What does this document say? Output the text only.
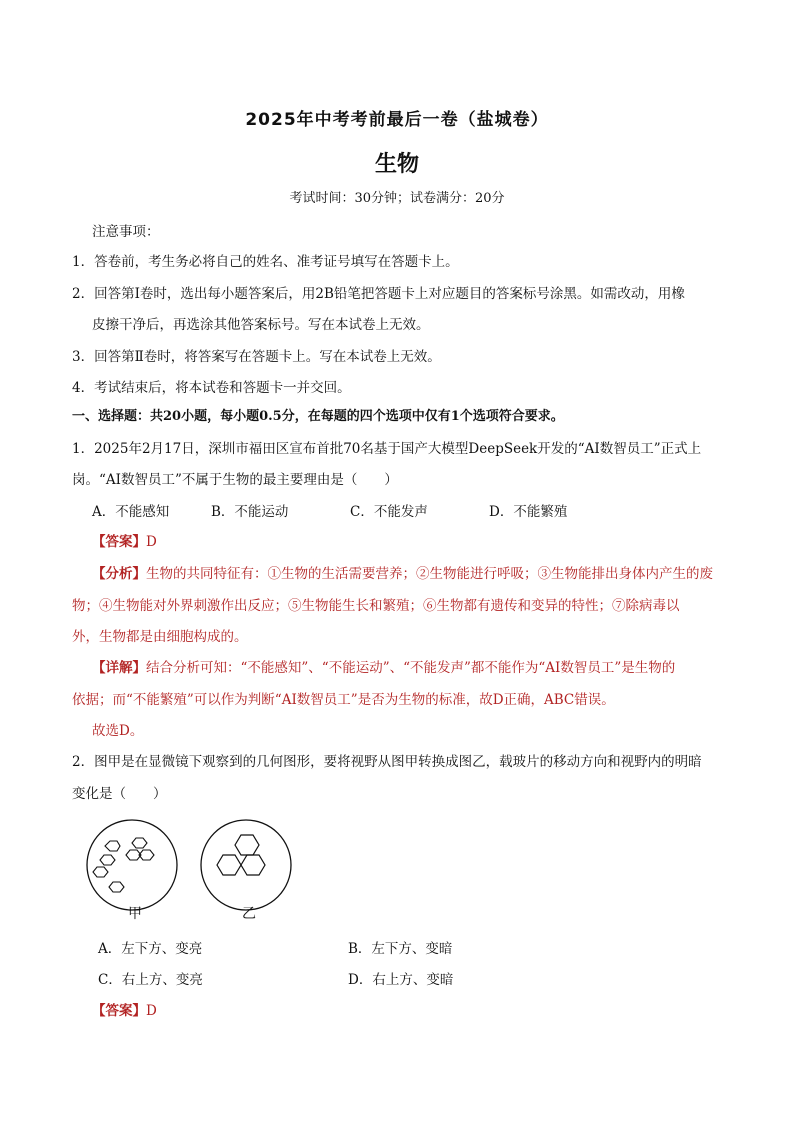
2025年中考考前最后一卷（盐城卷）
生物
考试时间：30分钟；试卷满分：20分
注意事项：
1．答卷前，考生务必将自己的姓名、准考证号填写在答题卡上。
2．回答第Ⅰ卷时，选出每小题答案后，用2B铅笔把答题卡上对应题目的答案标号涂黑。如需改动，用橡
皮擦干净后，再选涂其他答案标号。写在本试卷上无效。
3．回答第Ⅱ卷时，将答案写在答题卡上。写在本试卷上无效。
4．考试结束后，将本试卷和答题卡一并交回。
一、选择题：共20小题，每小题0.5分，在每题的四个选项中仅有1个选项符合要求。
1．2025年2月17日，深圳市福田区宣布首批70名基于国产大模型DeepSeek开发的“AI数智员工”正式上
岗。“AI数智员工”不属于生物的最主要理由是（　　）
A．不能感知	B．不能运动	C．不能发声	D．不能繁殖
【答案】D
【分析】生物的共同特征有：①生物的生活需要营养；②生物能进行呼吸；③生物能排出身体内产生的废
物；④生物能对外界刺激作出反应；⑤生物能生长和繁殖；⑥生物都有遗传和变异的特性；⑦除病毒以
外，生物都是由细胞构成的。
【详解】结合分析可知：“不能感知”、“不能运动”、“不能发声”都不能作为“AI数智员工”是生物的
依据；而“不能繁殖”可以作为判断“AI数智员工”是否为生物的标准，故D正确，ABC错误。
故选D。
2．图甲是在显微镜下观察到的几何图形，要将视野从图甲转换成图乙，载玻片的移动方向和视野内的明暗
变化是（　　）
甲	乙
A．左下方、变亮	B．左下方、变暗
C．右上方、变亮	D．右上方、变暗
【答案】D
